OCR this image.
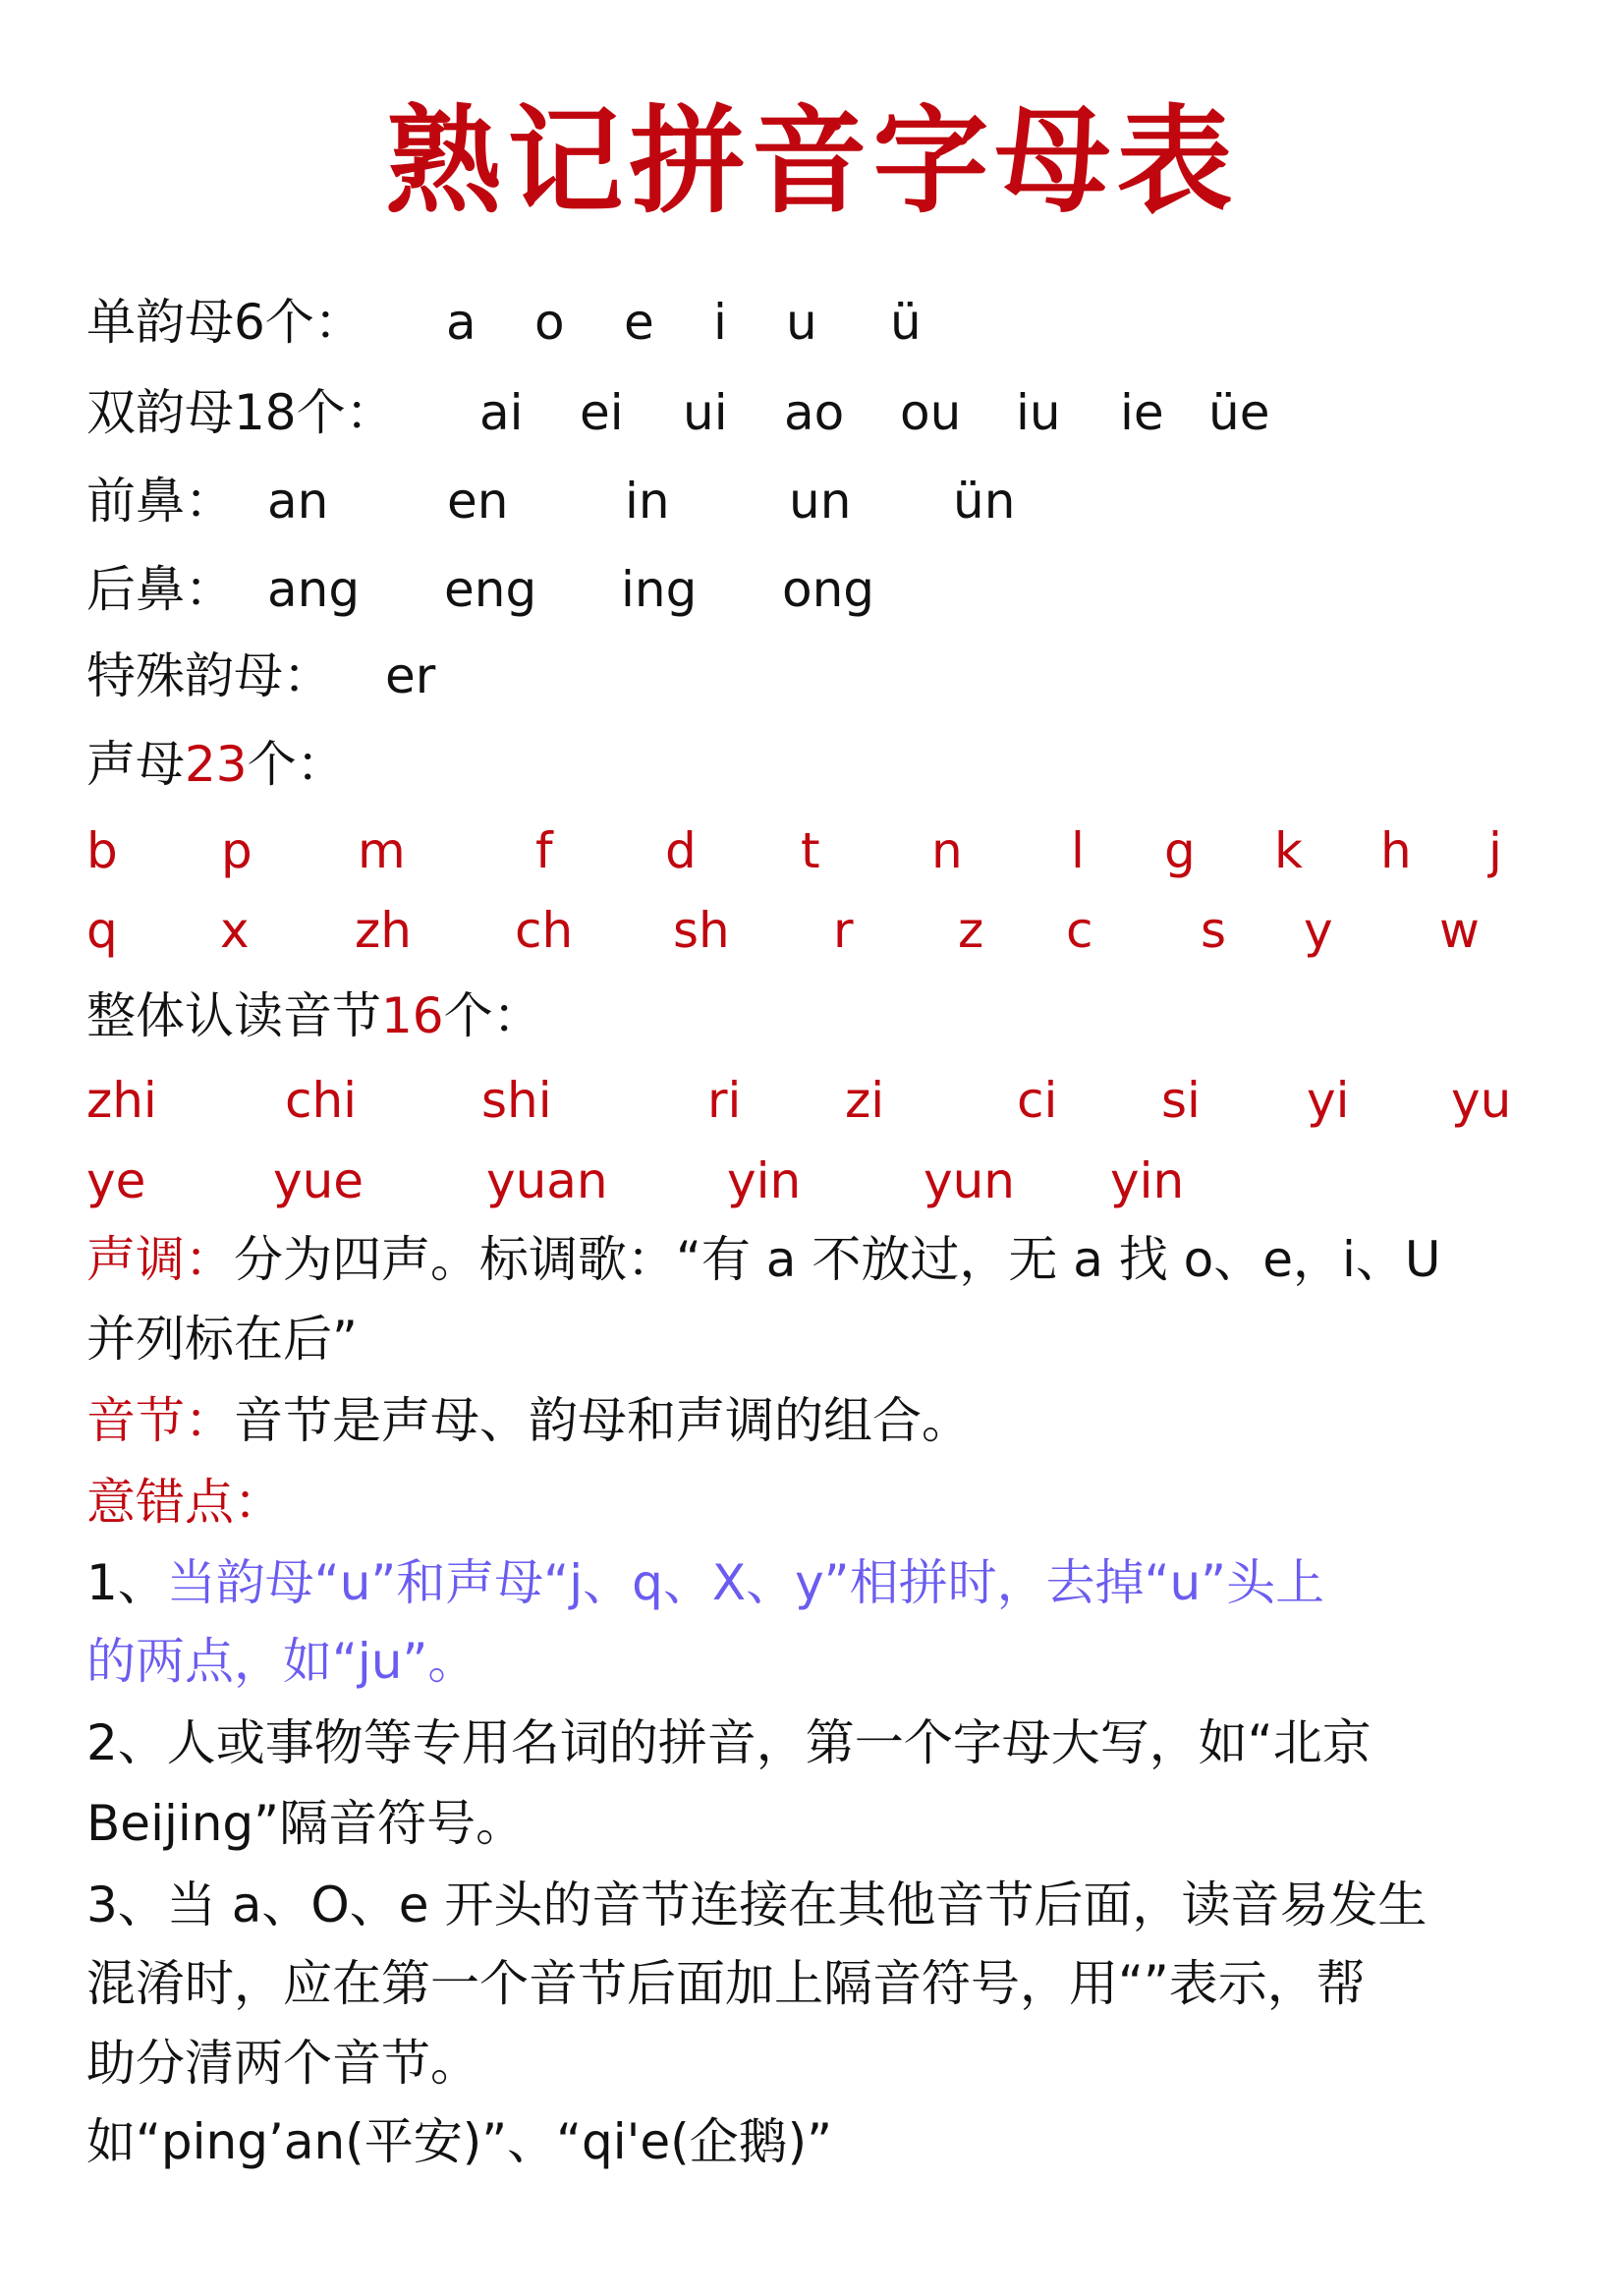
熟记拼音字母表
单韵母6个： a o e i u ü
双韵母18个： ai ei ui ao ou iu ie üe
前鼻： an en in un ün
后鼻： ang eng ing ong
特殊韵母： er
声母23个：
b p m	f d t n l g k h j
q x zh ch sh r z c s y w
整体认读音节16个：
zhi	chi	shi	ri zi	ci si yi yu
ye	yue yuan yin yun yin
声调：分为四声。标调歌：“有 a 不放过，无 a 找 o、e，i、U
并列标在后”
音节：音节是声母、韵母和声调的组合。
意错点：
1、当韵母“u”和声母“j、q、X、y”相拼时，去掉“u”头上
的两点，如“ju”。
2、人或事物等专用名词的拼音，第一个字母大写，如“北京
Beijing”隔音符号。
3、当 a、O、e 开头的音节连接在其他音节后面，读音易发生
混淆时，应在第一个音节后面加上隔音符号，用“”表示，帮
助分清两个音节。
如“ping’an(平安)”、“qi'e(企鹅)”
